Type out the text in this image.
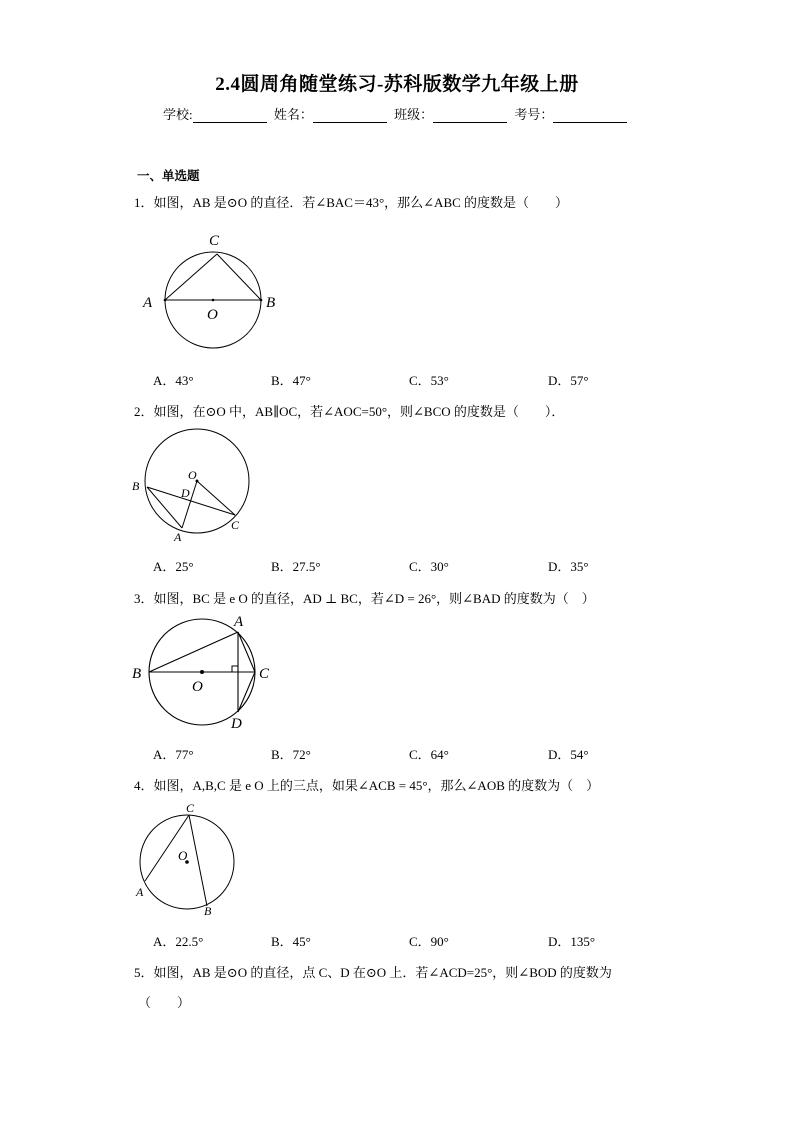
2.4圆周角随堂练习-苏科版数学九年级上册
学校:	姓名：	班级：	考号：
一、单选题
1．如图，AB 是⊙O 的直径．若∠BAC＝43°，那么∠ABC 的度数是（　　）
C
A	B
O
A．43°	B．47°	C．53°	D．57°
2．如图，在⊙O 中，AB∥OC，若∠AOC=50°，则∠BCO 的度数是（　　）．
O
B	D
A
C
A．25°	B．27.5°	C．30°	D．35°
3．如图，BC 是 e O 的直径，AD ⊥ BC，若∠D = 26°，则∠BAD 的度数为（　）
B
O
A
C
D
A．77°	B．72°	C．64°	D．54°
4．如图，A,B,C 是 e O 上的三点，如果∠ACB = 45°，那么∠AOB 的度数为（　）
C
O
A
B
A．22.5°	B．45°	C．90°	D．135°
5．如图，AB 是⊙O 的直径，点 C、D 在⊙O 上．若∠ACD=25°，则∠BOD 的度数为
（　　）
